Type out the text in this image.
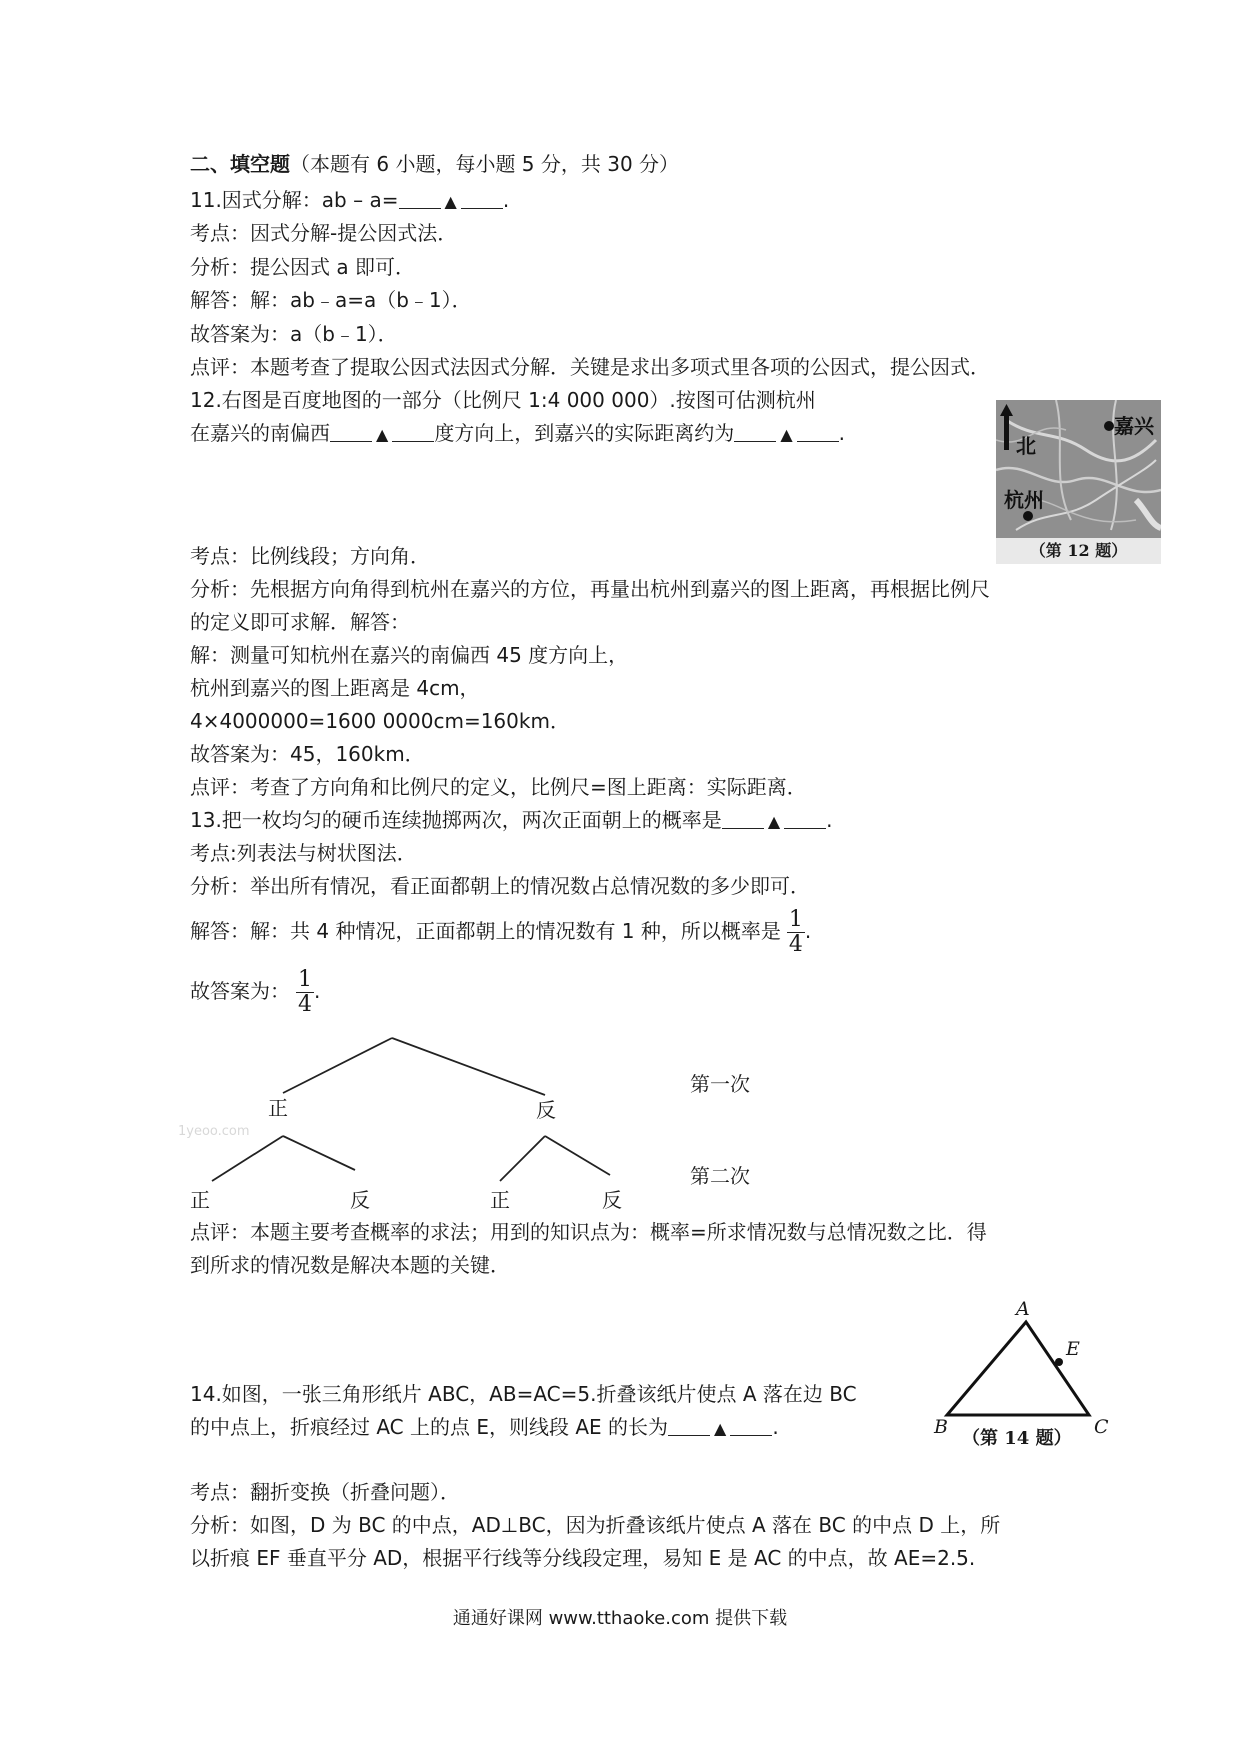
二、填空题（本题有 6 小题，每小题 5 分，共 30 分）
11.因式分解：ab – a=	▲ .
考点：因式分解-提公因式法．
分析：提公因式 a 即可．
解答：解：ab﹣a=a（b﹣1）．
故答案为：a（b﹣1）．
点评：本题考查了提取公因式法因式分解．关键是求出多项式里各项的公因式，提公因式．
12.右图是百度地图的一部分（比例尺 1:4 000 000）.按图可估测杭州
在嘉兴的南偏西	▲ 度方向上，到嘉兴的实际距离约为	▲ .	嘉兴
北
杭州
（第 12 题）
考点：比例线段；方向角．
分析：先根据方向角得到杭州在嘉兴的方位，再量出杭州到嘉兴的图上距离，再根据比例尺
的定义即可求解．解答：
解：测量可知杭州在嘉兴的南偏西 45 度方向上，
杭州到嘉兴的图上距离是 4cm，
4×4000000=1600 0000cm=160km．
故答案为：45，160km．
点评：考查了方向角和比例尺的定义，比例尺=图上距离：实际距离．
13.把一枚均匀的硬币连续抛掷两次，两次正面朝上的概率是	▲ .
考点:列表法与树状图法．
分析：举出所有情况，看正面都朝上的情况数占总情况数的多少即可．
解答：解：共 4 种情况，正面都朝上的情况数有 1 种，所以概率是 $\frac{1}{4}$ .
故答案为： $\frac{1}{4}$ .
正	反
第一次
1yeoo.com
第二次
正	反	正	反
点评：本题主要考查概率的求法；用到的知识点为：概率=所求情况数与总情况数之比．得
到所求的情况数是解决本题的关键．
14.如图，一张三角形纸片 ABC，AB=AC=5.折叠该纸片使点 A 落在边 BC
的中点上，折痕经过 AC 上的点 E，则线段 AE 的长为	▲ .
A
E
B	C
（第 14 题）
考点：翻折变换（折叠问题）．
分析：如图，D 为 BC 的中点，AD⊥BC，因为折叠该纸片使点 A 落在 BC 的中点 D 上，所
以折痕 EF 垂直平分 AD，根据平行线等分线段定理，易知 E 是 AC 的中点，故 AE=2.5.
通通好课网 www.tthaoke.com 提供下载
